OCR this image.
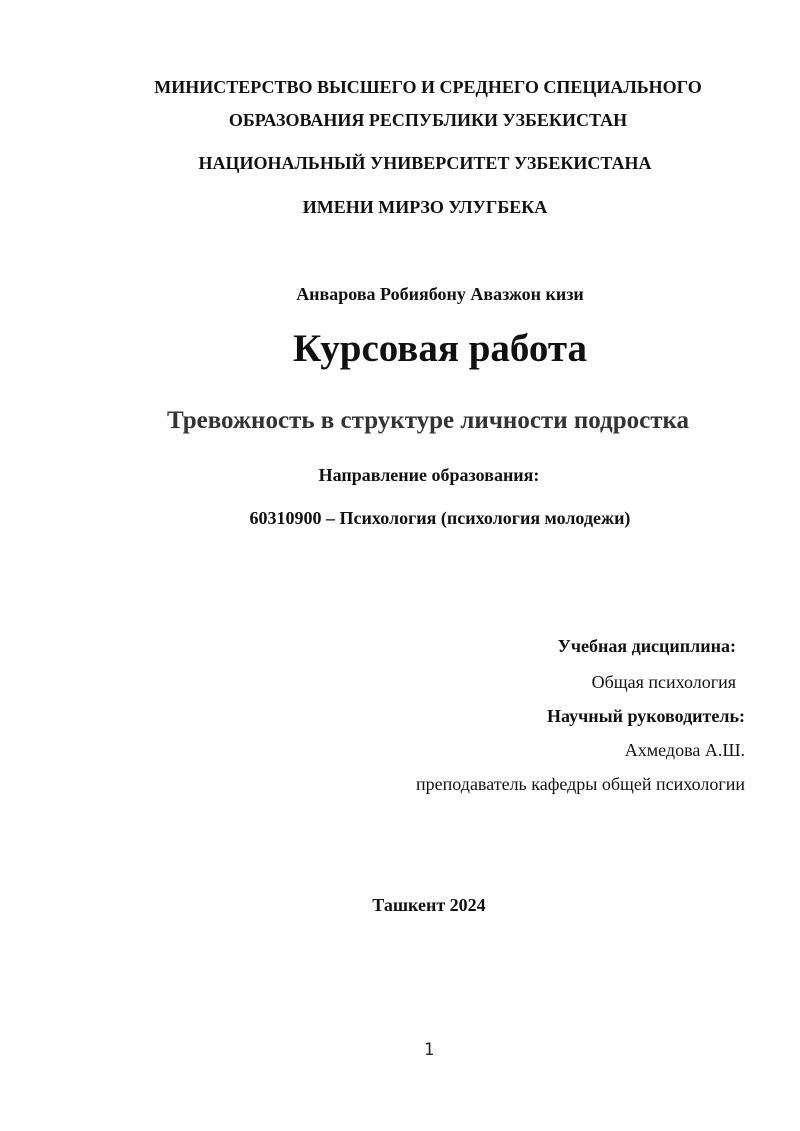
МИНИСТЕРСТВО ВЫСШЕГО И СРЕДНЕГО СПЕЦИАЛЬНОГО
ОБРАЗОВАНИЯ РЕСПУБЛИКИ УЗБЕКИСТАН
НАЦИОНАЛЬНЫЙ УНИВЕРСИТЕТ УЗБЕКИСТАНА
ИМЕНИ МИРЗО УЛУГБЕКА
Анварова Робиябону Авазжон кизи
Курсовая работа
Тревожность в структуре личности подростка
Направление образования:
60310900 – Психология (психология молодежи)
Учебная дисциплина:
Общая психология
Научный руководитель:
Ахмедова А.Ш.
преподаватель кафедры общей психологии
Ташкент 2024
1
